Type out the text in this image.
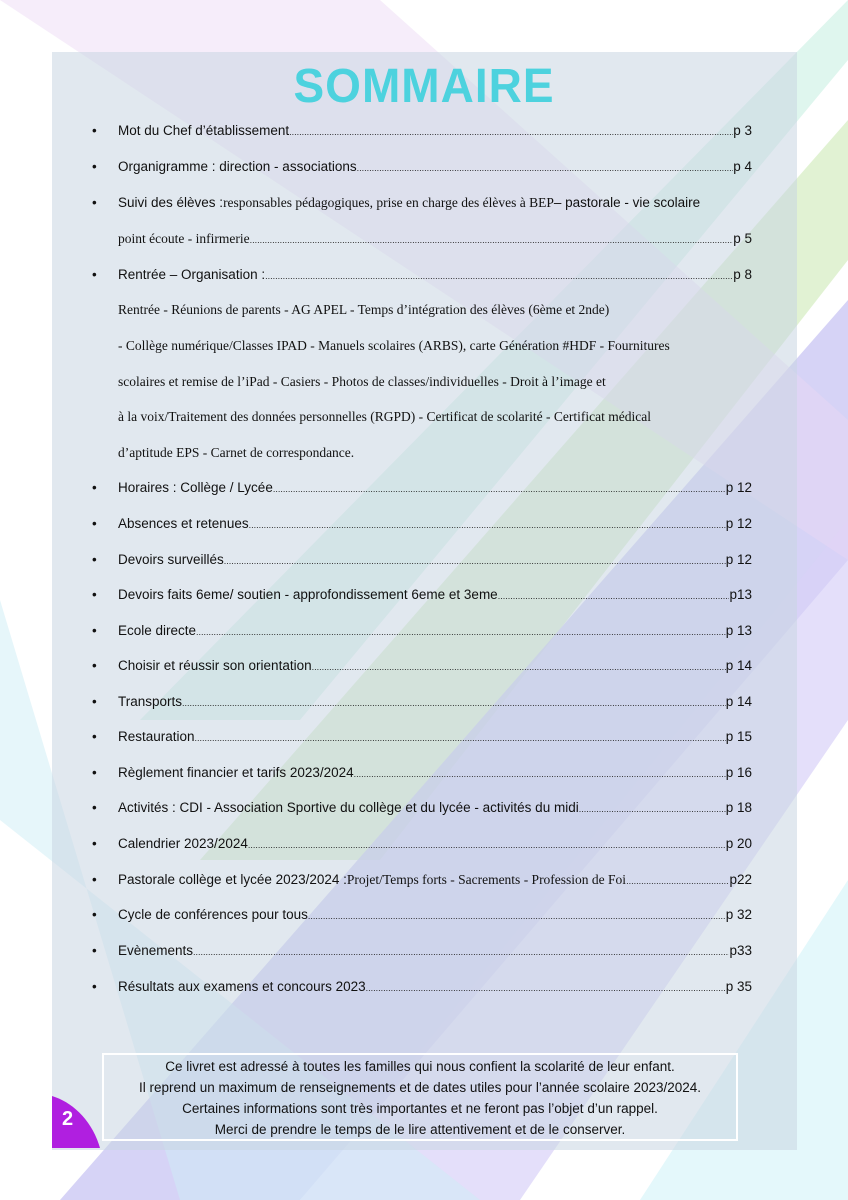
SOMMAIRE
•	Mot du Chef d’établissement .....	p 3
•	Organigramme : direction - associations .....	p 4
•	Suivi des élèves : responsables pédagogiques, prise en charge des élèves à BEP – pastorale - vie scolaire
point écoute - infirmerie .....	p 5
•	Rentrée – Organisation : .....	p 8
Rentrée - Réunions de parents - AG APEL - Temps d’intégration des élèves (6ème et 2nde)
- Collège numérique/Classes IPAD - Manuels scolaires (ARBS), carte Génération #HDF - Fournitures
scolaires et remise de l’iPad - Casiers - Photos de classes/individuelles - Droit à l’image et
à la voix/Traitement des données personnelles (RGPD) - Certificat de scolarité - Certificat médical
d’aptitude EPS - Carnet de correspondance.
•	Horaires : Collège / Lycée .....	p 12
•	Absences et retenues .....	p 12
•	Devoirs surveillés .....	p 12
•	Devoirs faits 6eme/ soutien - approfondissement 6eme et 3eme .....	p13
•	Ecole directe .....	p 13
•	Choisir et réussir son orientation .....	p 14
•	Transports .....	p 14
•	Restauration .....	p 15
•	Règlement financier et tarifs 2023/2024 .....	p 16
•	Activités : CDI - Association Sportive du collège et du lycée - activités du midi .....	p 18
•	Calendrier 2023/2024 .....	p 20
•	Pastorale collège et lycée 2023/2024 : Projet/Temps forts - Sacrements - Profession de Foi .....	p22
•	Cycle de conférences pour tous .....	p 32
•	Evènements .....	p33
•	Résultats aux examens et concours 2023 .....	p 35
Ce livret est adressé à toutes les familles qui nous confient la scolarité de leur enfant.
Il reprend un maximum de renseignements et de dates utiles pour l’année scolaire 2023/2024.
Certaines informations sont très importantes et ne feront pas l’objet d’un rappel.
Merci de prendre le temps de le lire attentivement et de le conserver.
2
